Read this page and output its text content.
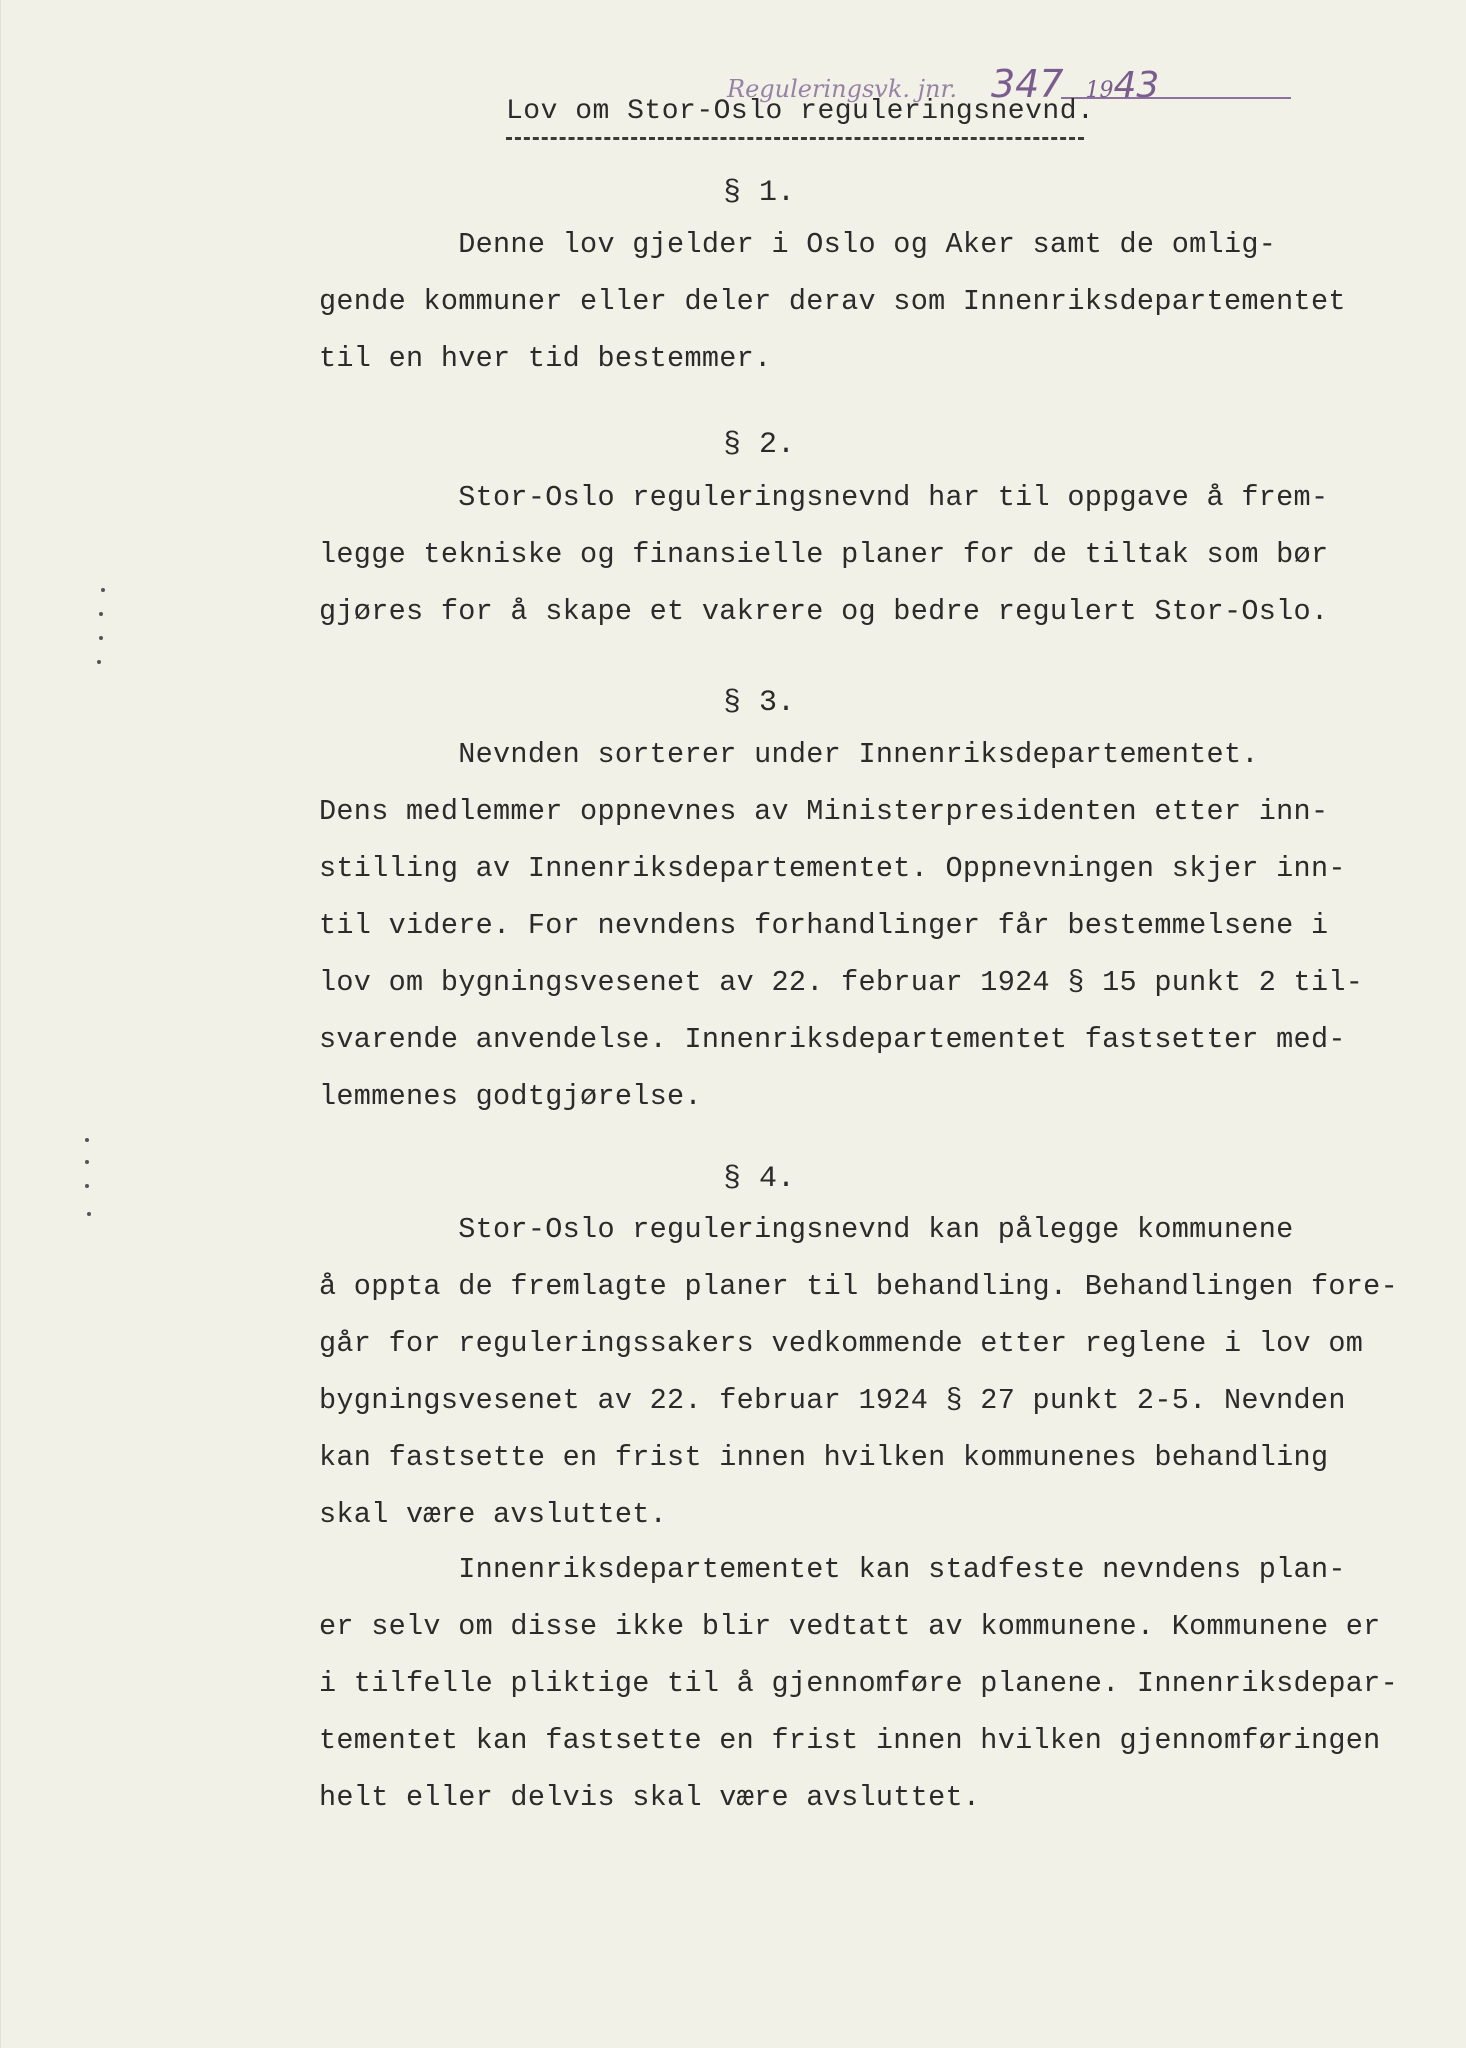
Reguleringsvk. jnr. 347 1943
Lov om Stor-Oslo reguleringsnevnd.
§ 1.
Denne lov gjelder i Oslo og Aker samt de omlig-
gende kommuner eller deler derav som Innenriksdepartementet
til en hver tid bestemmer.
§ 2.
Stor-Oslo reguleringsnevnd har til oppgave å frem-
legge tekniske og finansielle planer for de tiltak som bør
gjøres for å skape et vakrere og bedre regulert Stor-Oslo.
§ 3.
Nevnden sorterer under Innenriksdepartementet.
Dens medlemmer oppnevnes av Ministerpresidenten etter inn-
stilling av Innenriksdepartementet. Oppnevningen skjer inn-
til videre. For nevndens forhandlinger får bestemmelsene i
lov om bygningsvesenet av 22. februar 1924 § 15 punkt 2 til-
svarende anvendelse. Innenriksdepartementet fastsetter med-
lemmenes godtgjørelse.
§ 4.
Stor-Oslo reguleringsnevnd kan pålegge kommunene
å oppta de fremlagte planer til behandling. Behandlingen fore-
går for reguleringssakers vedkommende etter reglene i lov om
bygningsvesenet av 22. februar 1924 § 27 punkt 2-5. Nevnden
kan fastsette en frist innen hvilken kommunenes behandling
skal være avsluttet.
Innenriksdepartementet kan stadfeste nevndens plan-
er selv om disse ikke blir vedtatt av kommunene. Kommunene er
i tilfelle pliktige til å gjennomføre planene. Innenriksdepar-
tementet kan fastsette en frist innen hvilken gjennomføringen
helt eller delvis skal være avsluttet.
